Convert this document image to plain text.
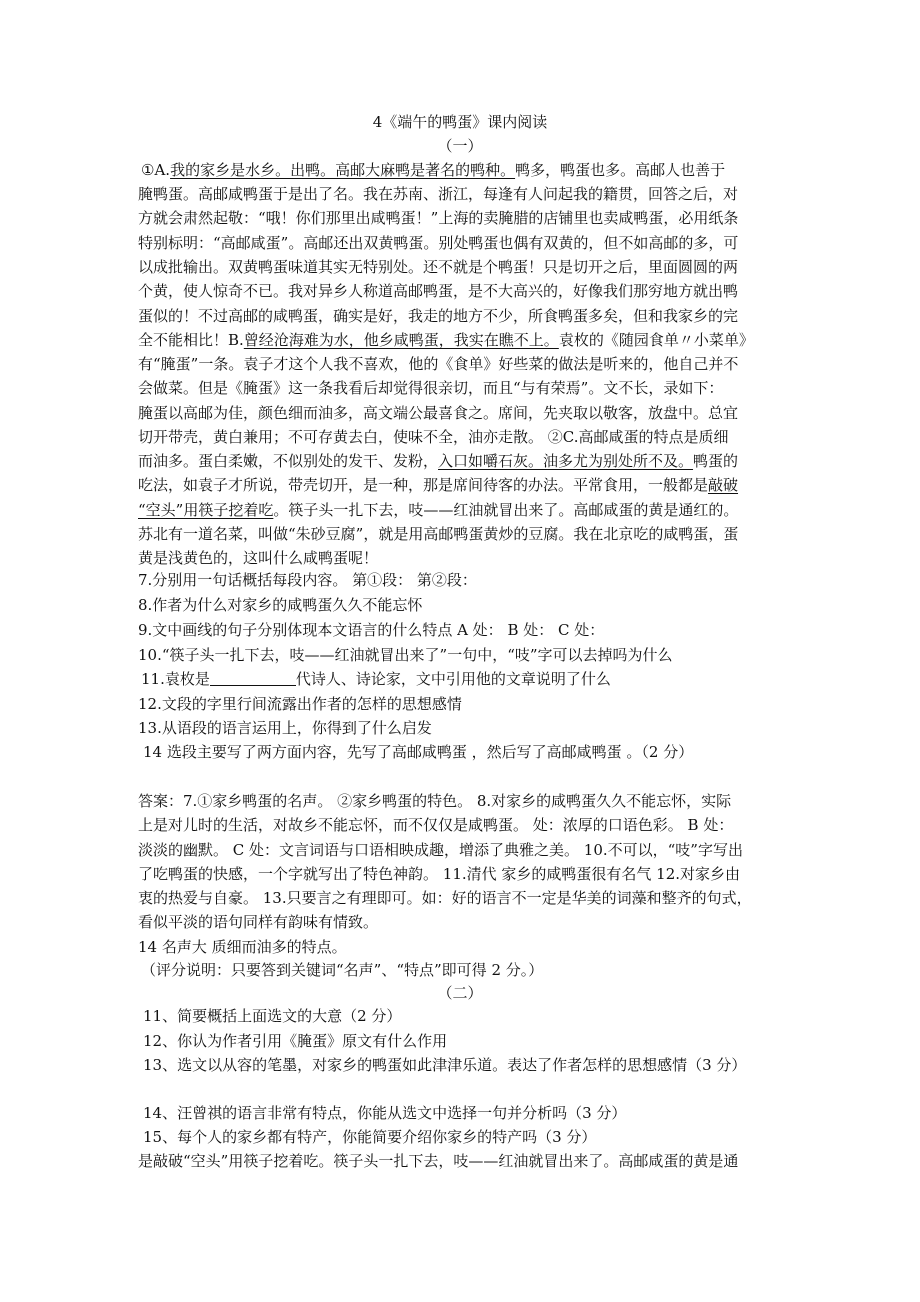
4《端午的鸭蛋》课内阅读
（一）
①A.我的家乡是水乡。出鸭。高邮大麻鸭是著名的鸭种。鸭多，鸭蛋也多。高邮人也善于
腌鸭蛋。高邮咸鸭蛋于是出了名。我在苏南、浙江，每逢有人问起我的籍贯，回答之后，对
方就会肃然起敬：“哦！你们那里出咸鸭蛋！”上海的卖腌腊的店铺里也卖咸鸭蛋，必用纸条
特别标明：“高邮咸蛋”。高邮还出双黄鸭蛋。别处鸭蛋也偶有双黄的，但不如高邮的多，可
以成批输出。双黄鸭蛋味道其实无特别处。还不就是个鸭蛋！只是切开之后，里面圆圆的两
个黄，使人惊奇不已。我对异乡人称道高邮鸭蛋，是不大高兴的，好像我们那穷地方就出鸭
蛋似的！不过高邮的咸鸭蛋，确实是好，我走的地方不少，所食鸭蛋多矣，但和我家乡的完
全不能相比！B.曾经沧海难为水，他乡咸鸭蛋，我实在瞧不上。袁枚的《随园食单〃小菜单》
有“腌蛋”一条。袁子才这个人我不喜欢，他的《食单》好些菜的做法是听来的，他自己并不
会做菜。但是《腌蛋》这一条我看后却觉得很亲切，而且“与有荣焉”。文不长，录如下：
腌蛋以高邮为佳，颜色细而油多，高文端公最喜食之。席间，先夹取以敬客，放盘中。总宜
切开带壳，黄白兼用；不可存黄去白，使味不全，油亦走散。 ②C.高邮咸蛋的特点是质细
而油多。蛋白柔嫩，不似别处的发干、发粉，入口如嚼石灰。油多尤为别处所不及。鸭蛋的
吃法，如袁子才所说，带壳切开，是一种，那是席间待客的办法。平常食用，一般都是敲破
“空头”用筷子挖着吃。筷子头一扎下去，吱——红油就冒出来了。高邮咸蛋的黄是通红的。
苏北有一道名菜，叫做“朱砂豆腐”，就是用高邮鸭蛋黄炒的豆腐。我在北京吃的咸鸭蛋，蛋
黄是浅黄色的，这叫什么咸鸭蛋呢！
7.分别用一句话概括每段内容。 第①段： 第②段：
8.作者为什么对家乡的咸鸭蛋久久不能忘怀
9.文中画线的句子分别体现本文语言的什么特点 A 处： B 处： C 处：
10.“筷子头一扎下去，吱——红油就冒出来了”一句中，“吱”字可以去掉吗为什么
11.袁枚是	代诗人、诗论家，文中引用他的文章说明了什么
12.文段的字里行间流露出作者的怎样的思想感情
13.从语段的语言运用上，你得到了什么启发
14 选段主要写了两方面内容，先写了高邮咸鸭蛋 ，然后写了高邮咸鸭蛋 。（2 分）
答案：7.①家乡鸭蛋的名声。 ②家乡鸭蛋的特色。 8.对家乡的咸鸭蛋久久不能忘怀，实际
上是对儿时的生活，对故乡不能忘怀，而不仅仅是咸鸭蛋。 处：浓厚的口语色彩。 B 处：
淡淡的幽默。 C 处：文言词语与口语相映成趣，增添了典雅之美。 10.不可以，“吱”字写出
了吃鸭蛋的快感，一个字就写出了特色神韵。 11.清代 家乡的咸鸭蛋很有名气 12.对家乡由
衷的热爱与自豪。 13.只要言之有理即可。如：好的语言不一定是华美的词藻和整齐的句式，
看似平淡的语句同样有韵味有情致。
14 名声大 质细而油多的特点。
（评分说明：只要答到关键词“名声”、“特点”即可得 2 分。）
（二）
11、简要概括上面选文的大意（2 分）
12、你认为作者引用《腌蛋》原文有什么作用
13、选文以从容的笔墨，对家乡的鸭蛋如此津津乐道。表达了作者怎样的思想感情（3 分）
14、汪曾祺的语言非常有特点，你能从选文中选择一句并分析吗（3 分）
15、每个人的家乡都有特产，你能简要介绍你家乡的特产吗（3 分）
是敲破“空头”用筷子挖着吃。筷子头一扎下去，吱——红油就冒出来了。高邮咸蛋的黄是通
